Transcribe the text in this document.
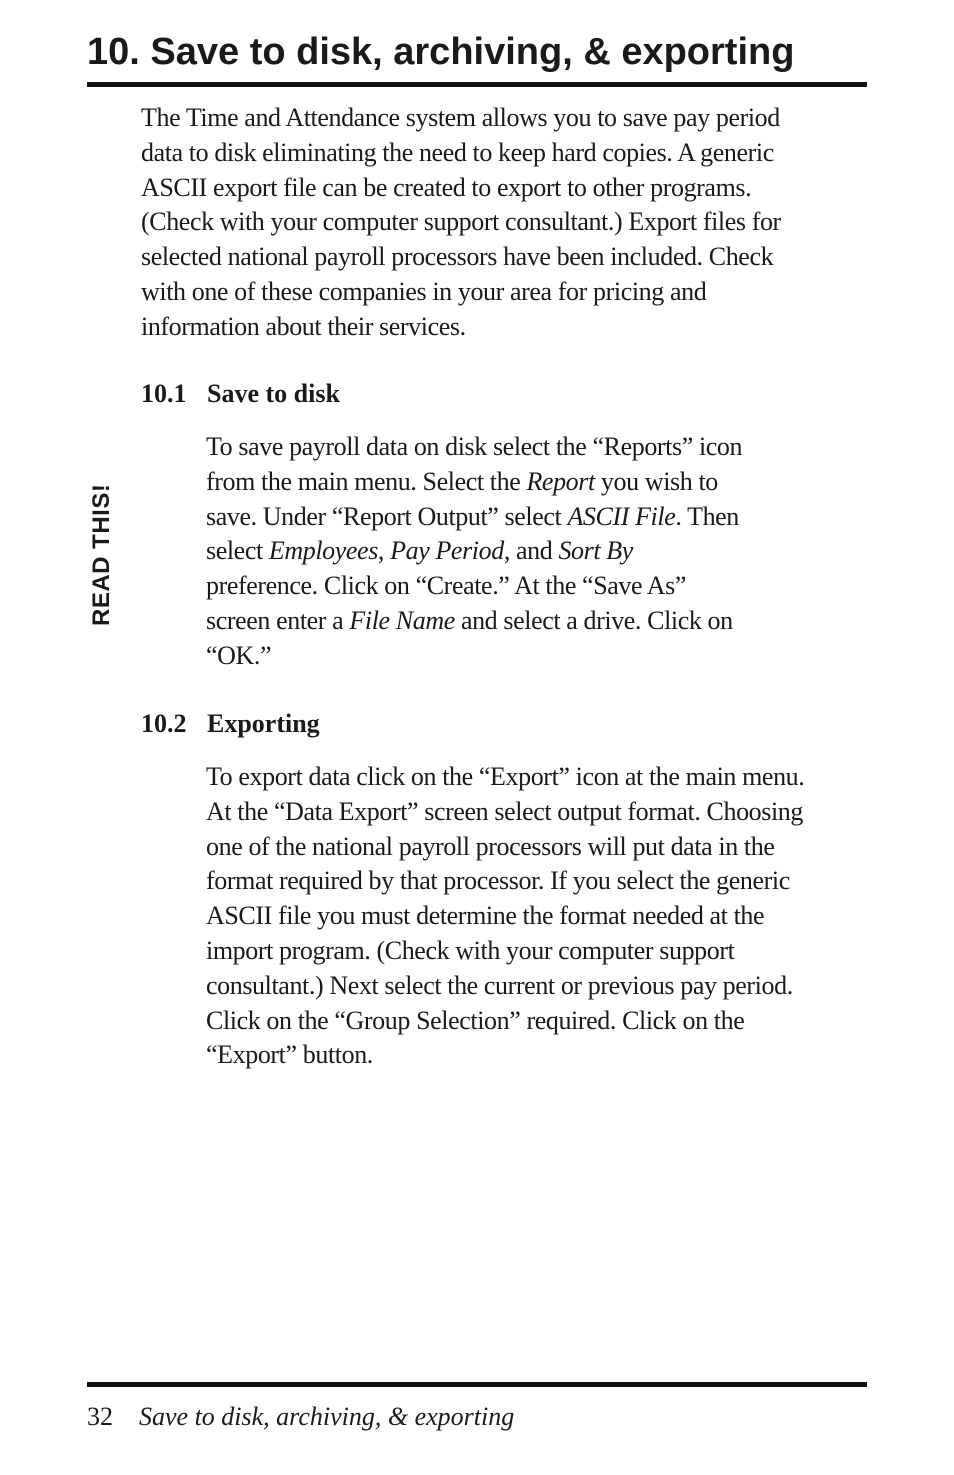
10. Save to disk, archiving, & exporting
READ THIS!
The Time and Attendance system allows you to save pay period
data to disk eliminating the need to keep hard copies. A generic
ASCII export file can be created to export to other programs.
(Check with your computer support consultant.) Export files for
selected national payroll processors have been included. Check
with one of these companies in your area for pricing and
information about their services.
10.1 Save to disk
To save payroll data on disk select the “Reports” icon
from the main menu. Select the Report you wish to
save. Under “Report Output” select ASCII File. Then
select Employees, Pay Period, and Sort By
preference. Click on “Create.” At the “Save As”
screen enter a File Name and select a drive. Click on
“OK.”
10.2 Exporting
To export data click on the “Export” icon at the main menu.
At the “Data Export” screen select output format. Choosing
one of the national payroll processors will put data in the
format required by that processor. If you select the generic
ASCII file you must determine the format needed at the
import program. (Check with your computer support
consultant.) Next select the current or previous pay period.
Click on the “Group Selection” required. Click on the
“Export” button.
32 Save to disk, archiving, & exporting
